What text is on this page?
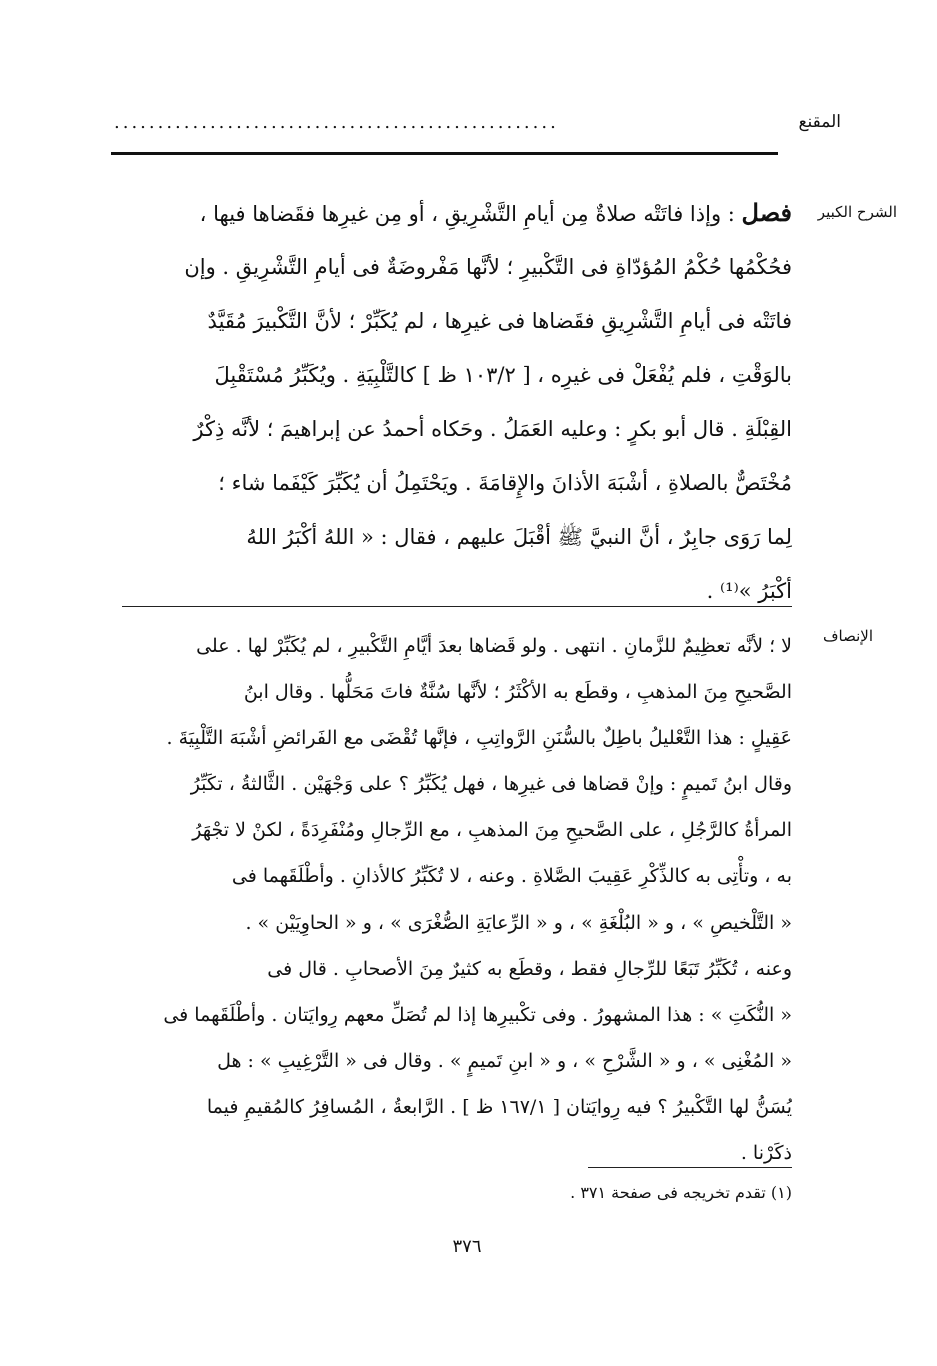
المقنع
...................................................
الشرح الكبير
فصل : وإذا فاتَتْه صلاةٌ مِن أيامِ التَّشْرِيقِ ، أو مِن غيرِها فقَضاها فيها ،
فحُكْمُها حُكْمُ المُؤدّاةِ فى التَّكْبيرِ ؛ لأنَّها مَفْروضَةٌ فى أيامِ التَّشْرِيقِ . وإن
فاتَتْه فى أيامِ التَّشْرِيقِ فقَضاها فى غيرِها ، لم يُكَبِّرْ ؛ لأنَّ التَّكْبيرَ مُقَيَّدٌ
بالوَقْتِ ، فلم يُفْعَلْ فى غيرِه ، [ ١٠٣/٢ ظ ] كالتَّلْبِيَةِ . ويُكَبِّرُ مُسْتَقْبِلَ
القِبْلَةِ . قال أبو بكرٍ : وعليه العَمَلُ . وحَكاه أحمدُ عن إبراهيمَ ؛ لأنَّه ذِكْرٌ
مُخْتَصٌّ بالصلاةِ ، أشْبَهَ الأذانَ والإِقامَةَ . ويَحْتَمِلُ أن يُكَبِّرَ كَيْفَما شاء ؛
لِما رَوَى جابِرٌ ، أنَّ النبيَّ ﷺ أقْبَلَ عليهم ، فقال : « اللهُ أكْبَرُ اللهُ
أكْبَرُ »⁽¹⁾ .
الإنصاف
لا ؛ لأنَّه تعظِيمٌ للزَّمانِ . انتهى . ولو قَضاها بعدَ أيَّامِ التَّكْبيرِ ، لم يُكَبِّرْ لها . على
الصَّحيحِ مِنَ المذهبِ ، وقطَع به الأكْثَرُ ؛ لأنَّها سُنَّةٌ فاتَ مَحَلُّها . وقال ابنُ
عَقِيلٍ : هذا التَّعْليلُ باطِلٌ بالسُّنَنِ الرَّواتِبِ ، فإنَّها تُقْضَى مع الفَرائضِ أشْبَهَ التَّلْبِيَةَ .
وقال ابنُ تَميمٍ : وإنْ قضاها فى غيرِها ، فهل يُكَبِّرُ ؟ على وَجْهَيْن . الثَّالثةُ ، تكَبِّرُ
المرأةُ كالرَّجُلِ ، على الصَّحيحِ مِنَ المذهبِ ، مع الرِّجالِ ومُنْفَرِدَةً ، لكنْ لا تجْهَرُ
به ، وتأْتِى به كالذِّكْرِ عَقِيبَ الصَّلاةِ . وعنه ، لا تُكَبِّرُ كالأذانِ . وأطْلَقَهما فى
« التَّلْخيصِ » ، و « البُلْغَةِ » ، و « الرِّعايَةِ الصُّغْرَى » ، و « الحاوِيَيْن » .
وعنه ، تُكَبِّرُ تَبَعًا للرِّجالِ فقط ، وقطَع به كثيرٌ مِنَ الأصحابِ . قال فى
« النُّكَتِ » : هذا المشهورُ . وفى تكْبيرِها إذا لم تُصَلِّ معهم رِوايَتان . وأطْلَقَهما فى
« المُغْنِى » ، و « الشَّرْحِ » ، و « ابنِ تَميمٍ » . وقال فى « التَّرْغِيبِ » : هل
يُسَنُّ لها التَّكْبيرُ ؟ فيه رِوايَتان [ ١٦٧/١ ظ ] . الرَّابعةُ ، المُسافِرُ كالمُقيمِ فيما
ذكَرْنا .
(١) تقدم تخريجه فى صفحة ٣٧١ .
٣٧٦
